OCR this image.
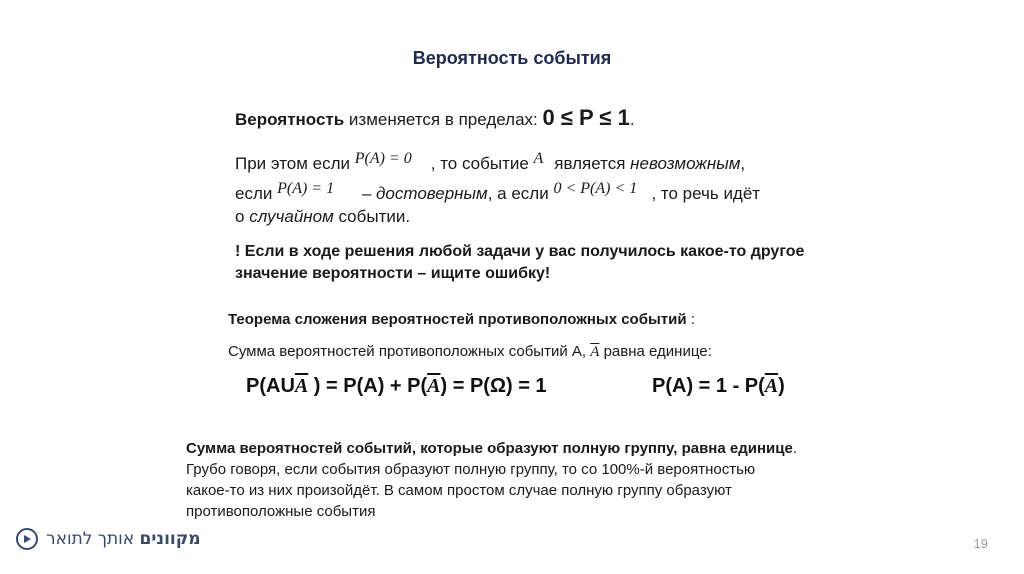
Вероятность события
Вероятность изменяется в пределах: 0 ≤ P ≤ 1.
При этом если P(A) = 0 , то событие A является невозможным,
если P(A) = 1 – достоверным, а если 0 < P(A) < 1 , то речь идёт
о случайном событии.
! Если в ходе решения любой задачи у вас получилось какое-то другое
значение вероятности – ищите ошибку!
Теорема сложения вероятностей противоположных событий :
Сумма вероятностей противоположных событий А, $\overline{A}$ равна единице:
$P(AU\overline{A}$ ) = $P(A) + P(\overline{A}) = P(\Omega) = 1$	$P(A) = 1 - P(\overline{A})$
Сумма вероятностей событий, которые образуют полную группу, равна единице.
Грубо говоря, если события образуют полную группу, то со 100%-й вероятностью
какое-то из них произойдёт. В самом простом случае полную группу образуют
противоположные события
מקוונים אותך לתואר	19
